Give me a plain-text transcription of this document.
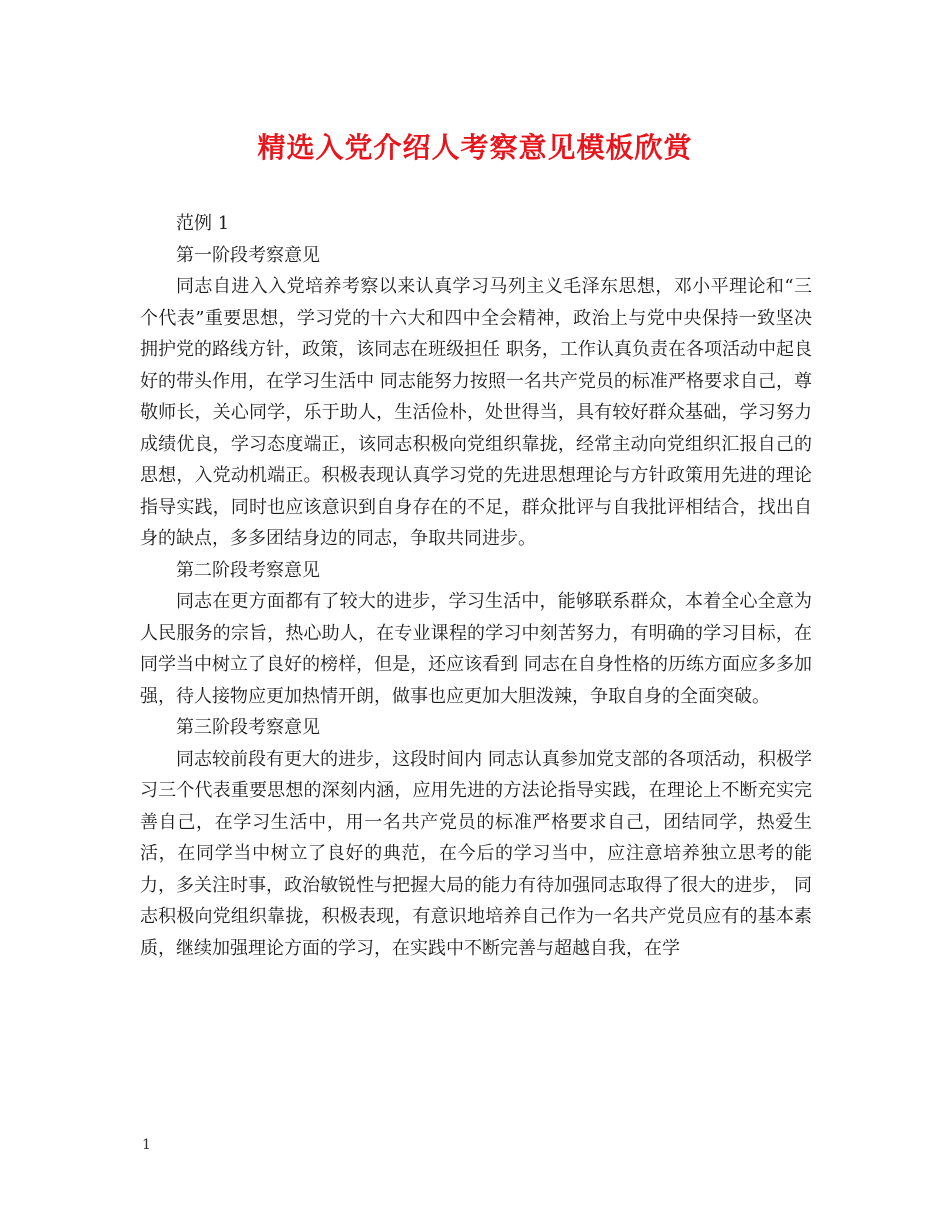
精选入党介绍人考察意见模板欣赏

范例 1

第一阶段考察意见

同志自进入入党培养考察以来认真学习马列主义毛泽东思想，邓小平理论和“三个代表”重要思想，学习党的十六大和四中全会精神，政治上与党中央保持一致坚决拥护党的路线方针，政策，该同志在班级担任 职务，工作认真负责在各项活动中起良好的带头作用，在学习生活中 同志能努力按照一名共产党员的标准严格要求自己，尊敬师长，关心同学，乐于助人，生活俭朴，处世得当，具有较好群众基础，学习努力成绩优良，学习态度端正，该同志积极向党组织靠拢，经常主动向党组织汇报自己的思想，入党动机端正。积极表现认真学习党的先进思想理论与方针政策用先进的理论指导实践，同时也应该意识到自身存在的不足，群众批评与自我批评相结合，找出自身的缺点，多多团结身边的同志，争取共同进步。

第二阶段考察意见

同志在更方面都有了较大的进步，学习生活中，能够联系群众，本着全心全意为人民服务的宗旨，热心助人，在专业课程的学习中刻苦努力，有明确的学习目标，在同学当中树立了良好的榜样，但是，还应该看到 同志在自身性格的历练方面应多多加强，待人接物应更加热情开朗，做事也应更加大胆泼辣，争取自身的全面突破。

第三阶段考察意见

同志较前段有更大的进步，这段时间内 同志认真参加党支部的各项活动，积极学习三个代表重要思想的深刻内涵，应用先进的方法论指导实践，在理论上不断充实完善自己，在学习生活中，用一名共产党员的标准严格要求自己，团结同学，热爱生活，在同学当中树立了良好的典范，在今后的学习当中，应注意培养独立思考的能力，多关注时事，政治敏锐性与把握大局的能力有待加强同志取得了很大的进步， 同志积极向党组织靠拢，积极表现，有意识地培养自己作为一名共产党员应有的基本素质，继续加强理论方面的学习，在实践中不断完善与超越自我，在学

1
